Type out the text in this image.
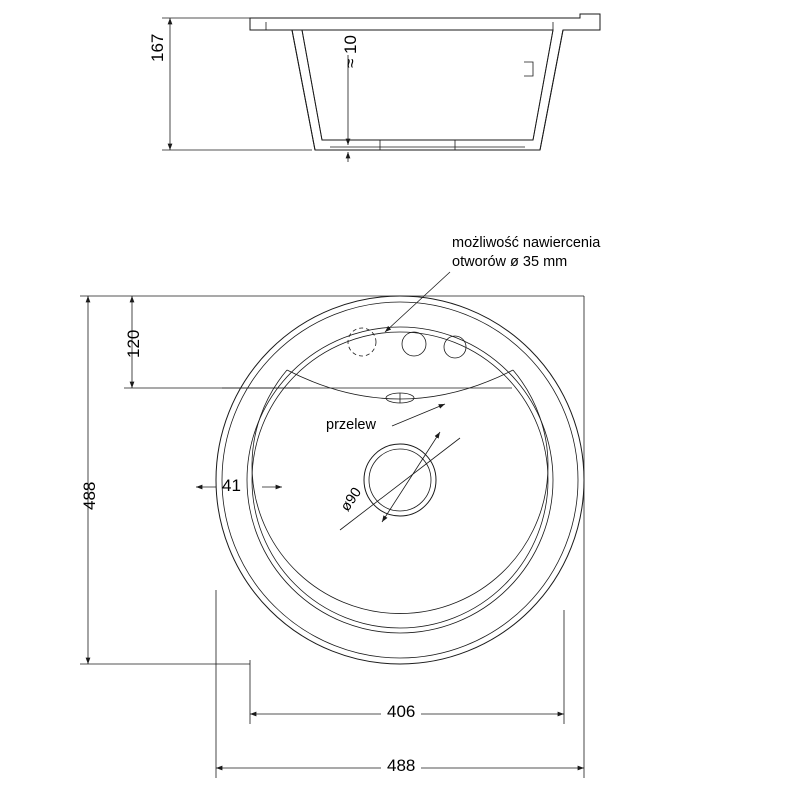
167	≈ 10
możliwość nawiercenia
otworów ø 35 mm
przelew
ø90
41
120
488
406
488
